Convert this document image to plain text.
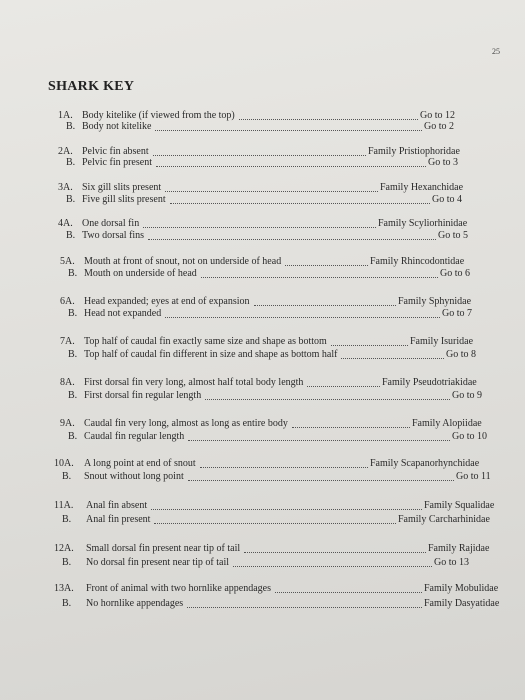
25
SHARK KEY
1A. Body kitelike (if viewed from the top)	Go to 12
B. Body not kitelike	Go to 2
2A. Pelvic fin absent	Family Pristiophoridae
B. Pelvic fin present	Go to 3
3A. Six gill slits present	Family Hexanchidae
B. Five gill slits present	Go to 4
4A. One dorsal fin	Family Scyliorhinidae
B. Two dorsal fins	Go to 5
5A. Mouth at front of snout, not on underside of head	Family Rhincodontidae
B. Mouth on underside of head	Go to 6
6A. Head expanded; eyes at end of expansion	Family Sphynidae
B. Head not expanded	Go to 7
7A. Top half of caudal fin exactly same size and shape as bottom	Family Isuridae
B. Top half of caudal fin different in size and shape as bottom half	Go to 8
8A. First dorsal fin very long, almost half total body length	Family Pseudotriakidae
B. First dorsal fin regular length	Go to 9
9A. Caudal fin very long, almost as long as entire body	Family Alopiidae
B. Caudal fin regular length	Go to 10
10A. A long point at end of snout	Family Scapanorhynchidae
B. Snout without long point	Go to 11
11A. Anal fin absent	Family Squalidae
B. Anal fin present	Family Carcharhinidae
12A. Small dorsal fin present near tip of tail	Family Rajidae
B. No dorsal fin present near tip of tail	Go to 13
13A. Front of animal with two hornlike appendages	Family Mobulidae
B. No hornlike appendages	Family Dasyatidae
